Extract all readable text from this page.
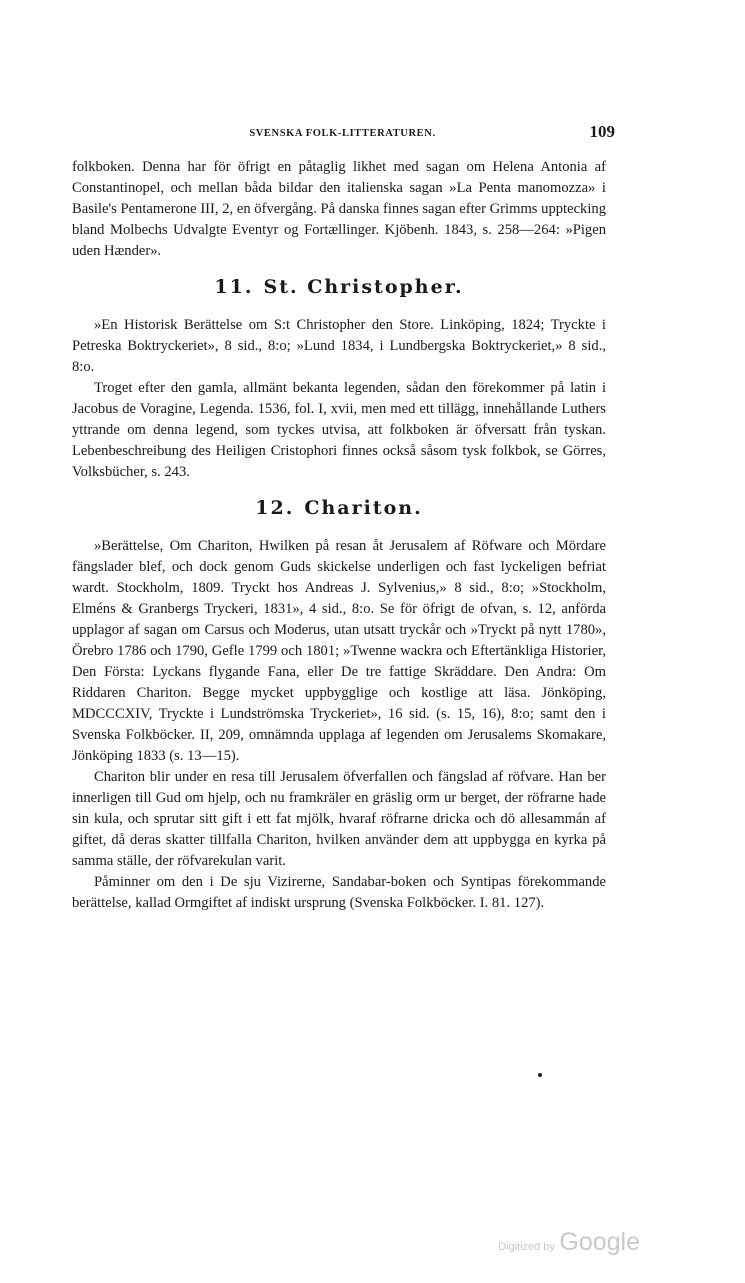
SVENSKA FOLK-LITTERATUREN.	109

folkboken. Denna har för öfrigt en påtaglig likhet med sagan om Helena Antonia af Constantinopel, och mellan båda bildar den italienska sagan »La Penta manomozza» i Basile's Pentamerone III, 2, en öfvergång. På danska finnes sagan efter Grimms upptecking bland Molbechs Udvalgte Eventyr og Fortællinger. Kjöbenh. 1843, s. 258—264: »Pigen uden Hænder».

11. St. Christopher.

»En Historisk Berättelse om S:t Christopher den Store. Linköping, 1824; Tryckte i Petreska Boktryckeriet», 8 sid., 8:o; »Lund 1834, i Lundbergska Boktryckeriet,» 8 sid., 8:o.

Troget efter den gamla, allmänt bekanta legenden, sådan den förekommer på latin i Jacobus de Voragine, Legenda. 1536, fol. I, xvii, men med ett tillägg, innehållande Luthers yttrande om denna legend, som tyckes utvisa, att folkboken är öfversatt från tyskan. Lebenbeschreibung des Heiligen Cristophori finnes också såsom tysk folkbok, se Görres, Volksbücher, s. 243.

12. Chariton.

»Berättelse, Om Chariton, Hwilken på resan åt Jerusalem af Röfware och Mördare fängslader blef, och dock genom Guds skickelse underligen och fast lyckeligen befriat wardt. Stockholm, 1809. Tryckt hos Andreas J. Sylvenius,» 8 sid., 8:o; »Stockholm, Elméns & Granbergs Tryckeri, 1831», 4 sid., 8:o. Se för öfrigt de ofvan, s. 12, anförda upplagor af sagan om Carsus och Moderus, utan utsatt tryckår och »Tryckt på nytt 1780», Örebro 1786 och 1790, Gefle 1799 och 1801; »Twenne wackra och Eftertänkliga Historier, Den Första: Lyckans flygande Fana, eller De tre fattige Skräddare. Den Andra: Om Riddaren Chariton. Begge mycket uppbygglige och kostlige att läsa. Jönköping, MDCCCXIV, Tryckte i Lundströmska Tryckeriet», 16 sid. (s. 15, 16), 8:o; samt den i Svenska Folkböcker. II, 209, omnämnda upplaga af legenden om Jerusalems Skomakare, Jönköping 1833 (s. 13—15).

Chariton blir under en resa till Jerusalem öfverfallen och fängslad af röfvare. Han ber innerligen till Gud om hjelp, och nu framkräler en gräslig orm ur berget, der röfrarne hade sin kula, och sprutar sitt gift i ett fat mjölk, hvaraf röfrarne dricka och dö allesammán af giftet, då deras skatter tillfalla Chariton, hvilken använder dem att uppbygga en kyrka på samma ställe, der röfvarekulan varit.

Påminner om den i De sju Vizirerne, Sandabar-boken och Syntipas förekommande berättelse, kallad Ormgiftet af indiskt ursprung (Svenska Folkböcker. I. 81. 127).

Digitized by Google
